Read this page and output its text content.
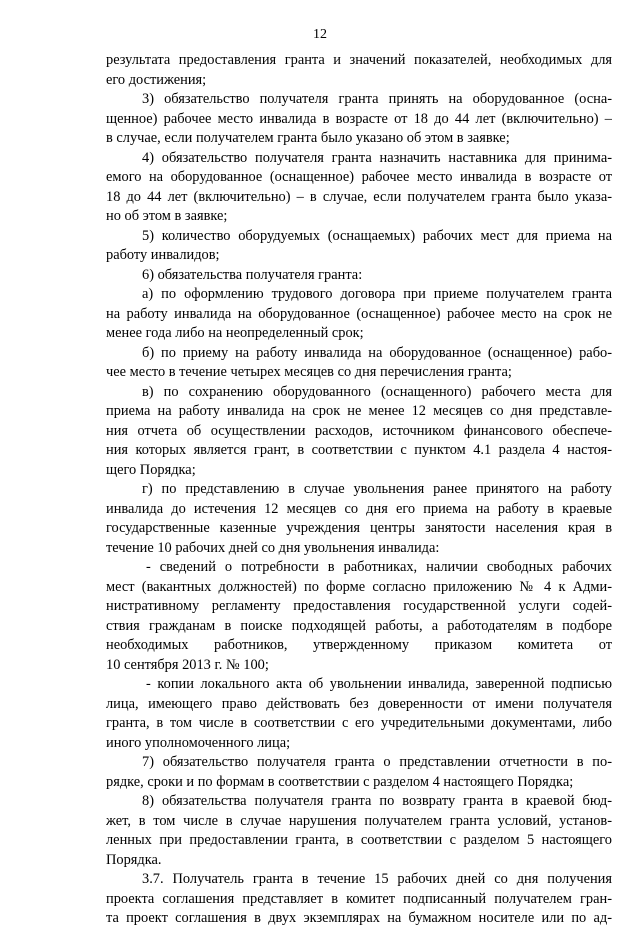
12
результата предоставления гранта и значений показателей, необходимых для
его достижения;
3) обязательство получателя гранта принять на оборудованное (осна-
щенное) рабочее место инвалида в возрасте от 18 до 44 лет (включительно) –
в случае, если получателем гранта было указано об этом в заявке;
4) обязательство получателя гранта назначить наставника для принима-
емого на оборудованное (оснащенное) рабочее место инвалида в возрасте от
18 до 44 лет (включительно) – в случае, если получателем гранта было указа-
но об этом в заявке;
5) количество оборудуемых (оснащаемых) рабочих мест для приема на
работу инвалидов;
6) обязательства получателя гранта:
а) по оформлению трудового договора при приеме получателем гранта
на работу инвалида на оборудованное (оснащенное) рабочее место на срок не
менее года либо на неопределенный срок;
б) по приему на работу инвалида на оборудованное (оснащенное) рабо-
чее место в течение четырех месяцев со дня перечисления гранта;
в) по сохранению оборудованного (оснащенного) рабочего места для
приема на работу инвалида на срок не менее 12 месяцев со дня представле-
ния отчета об осуществлении расходов, источником финансового обеспече-
ния которых является грант, в соответствии с пунктом 4.1 раздела 4 настоя-
щего Порядка;
г) по представлению в случае увольнения ранее принятого на работу
инвалида до истечения 12 месяцев со дня его приема на работу в краевые
государственные казенные учреждения центры занятости населения края в
течение 10 рабочих дней со дня увольнения инвалида:
- сведений о потребности в работниках, наличии свободных рабочих
мест (вакантных должностей) по форме согласно приложению № 4 к Адми-
нистративному регламенту предоставления государственной услуги содей-
ствия гражданам в поиске подходящей работы, а работодателям в подборе
необходимых работников, утвержденному приказом комитета от
10 сентября 2013 г. № 100;
- копии локального акта об увольнении инвалида, заверенной подписью
лица, имеющего право действовать без доверенности от имени получателя
гранта, в том числе в соответствии с его учредительными документами, либо
иного уполномоченного лица;
7) обязательство получателя гранта о представлении отчетности в по-
рядке, сроки и по формам в соответствии с разделом 4 настоящего Порядка;
8) обязательства получателя гранта по возврату гранта в краевой бюд-
жет, в том числе в случае нарушения получателем гранта условий, установ-
ленных при предоставлении гранта, в соответствии с разделом 5 настоящего
Порядка.
3.7. Получатель гранта в течение 15 рабочих дней со дня получения
проекта соглашения представляет в комитет подписанный получателем гран-
та проект соглашения в двух экземплярах на бумажном носителе или по ад-
